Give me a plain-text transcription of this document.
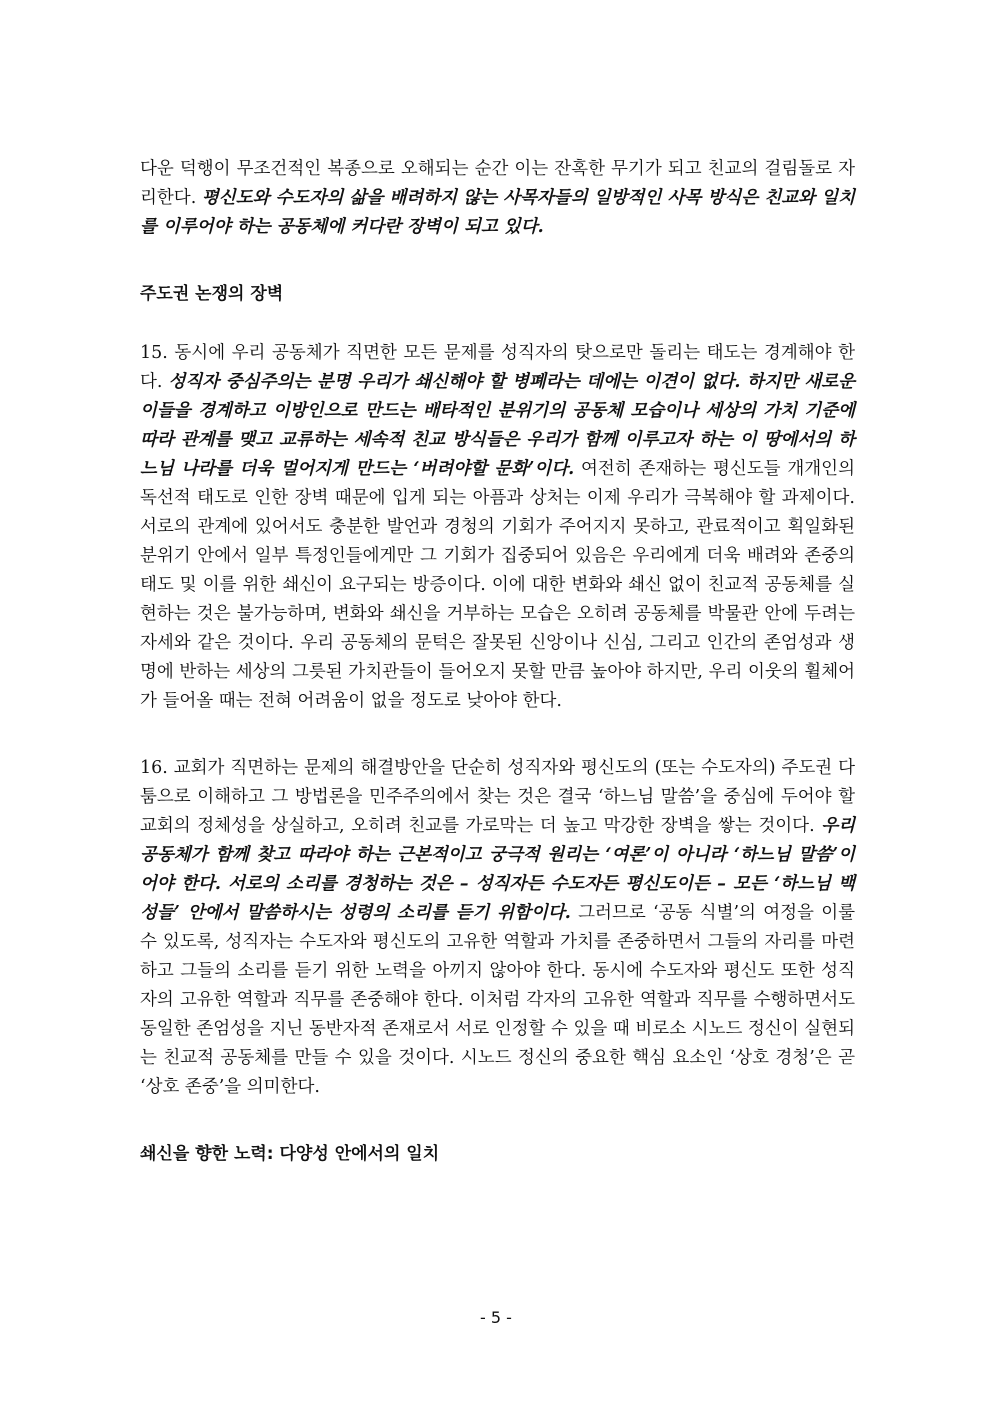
다운 덕행이 무조건적인 복종으로 오해되는 순간 이는 잔혹한 무기가 되고 친교의 걸림돌로 자리한다. 평신도와 수도자의 삶을 배려하지 않는 사목자들의 일방적인 사목 방식은 친교와 일치를 이루어야 하는 공동체에 커다란 장벽이 되고 있다.

주도권 논쟁의 장벽

15. 동시에 우리 공동체가 직면한 모든 문제를 성직자의 탓으로만 돌리는 태도는 경계해야 한다. 성직자 중심주의는 분명 우리가 쇄신해야 할 병폐라는 데에는 이견이 없다. 하지만 새로운 이들을 경계하고 이방인으로 만드는 배타적인 분위기의 공동체 모습이나 세상의 가치 기준에 따라 관계를 맺고 교류하는 세속적 친교 방식들은 우리가 함께 이루고자 하는 이 땅에서의 하느님 나라를 더욱 멀어지게 만드는 ‘버려야할 문화’이다. 여전히 존재하는 평신도들 개개인의 독선적 태도로 인한 장벽 때문에 입게 되는 아픔과 상처는 이제 우리가 극복해야 할 과제이다. 서로의 관계에 있어서도 충분한 발언과 경청의 기회가 주어지지 못하고, 관료적이고 획일화된 분위기 안에서 일부 특정인들에게만 그 기회가 집중되어 있음은 우리에게 더욱 배려와 존중의 태도 및 이를 위한 쇄신이 요구되는 방증이다. 이에 대한 변화와 쇄신 없이 친교적 공동체를 실현하는 것은 불가능하며, 변화와 쇄신을 거부하는 모습은 오히려 공동체를 박물관 안에 두려는 자세와 같은 것이다. 우리 공동체의 문턱은 잘못된 신앙이나 신심, 그리고 인간의 존엄성과 생명에 반하는 세상의 그릇된 가치관들이 들어오지 못할 만큼 높아야 하지만, 우리 이웃의 휠체어가 들어올 때는 전혀 어려움이 없을 정도로 낮아야 한다.

16. 교회가 직면하는 문제의 해결방안을 단순히 성직자와 평신도의 (또는 수도자의) 주도권 다툼으로 이해하고 그 방법론을 민주주의에서 찾는 것은 결국 ‘하느님 말씀’을 중심에 두어야 할 교회의 정체성을 상실하고, 오히려 친교를 가로막는 더 높고 막강한 장벽을 쌓는 것이다. 우리 공동체가 함께 찾고 따라야 하는 근본적이고 궁극적 원리는 ‘여론’이 아니라 ‘하느님 말씀’이어야 한다. 서로의 소리를 경청하는 것은 – 성직자든 수도자든 평신도이든 – 모든 ‘하느님 백성들’ 안에서 말씀하시는 성령의 소리를 듣기 위함이다. 그러므로 ‘공동 식별’의 여정을 이룰 수 있도록, 성직자는 수도자와 평신도의 고유한 역할과 가치를 존중하면서 그들의 자리를 마련하고 그들의 소리를 듣기 위한 노력을 아끼지 않아야 한다. 동시에 수도자와 평신도 또한 성직자의 고유한 역할과 직무를 존중해야 한다. 이처럼 각자의 고유한 역할과 직무를 수행하면서도 동일한 존엄성을 지닌 동반자적 존재로서 서로 인정할 수 있을 때 비로소 시노드 정신이 실현되는 친교적 공동체를 만들 수 있을 것이다. 시노드 정신의 중요한 핵심 요소인 ‘상호 경청’은 곧 ‘상호 존중’을 의미한다.

쇄신을 향한 노력: 다양성 안에서의 일치
- 5 -
